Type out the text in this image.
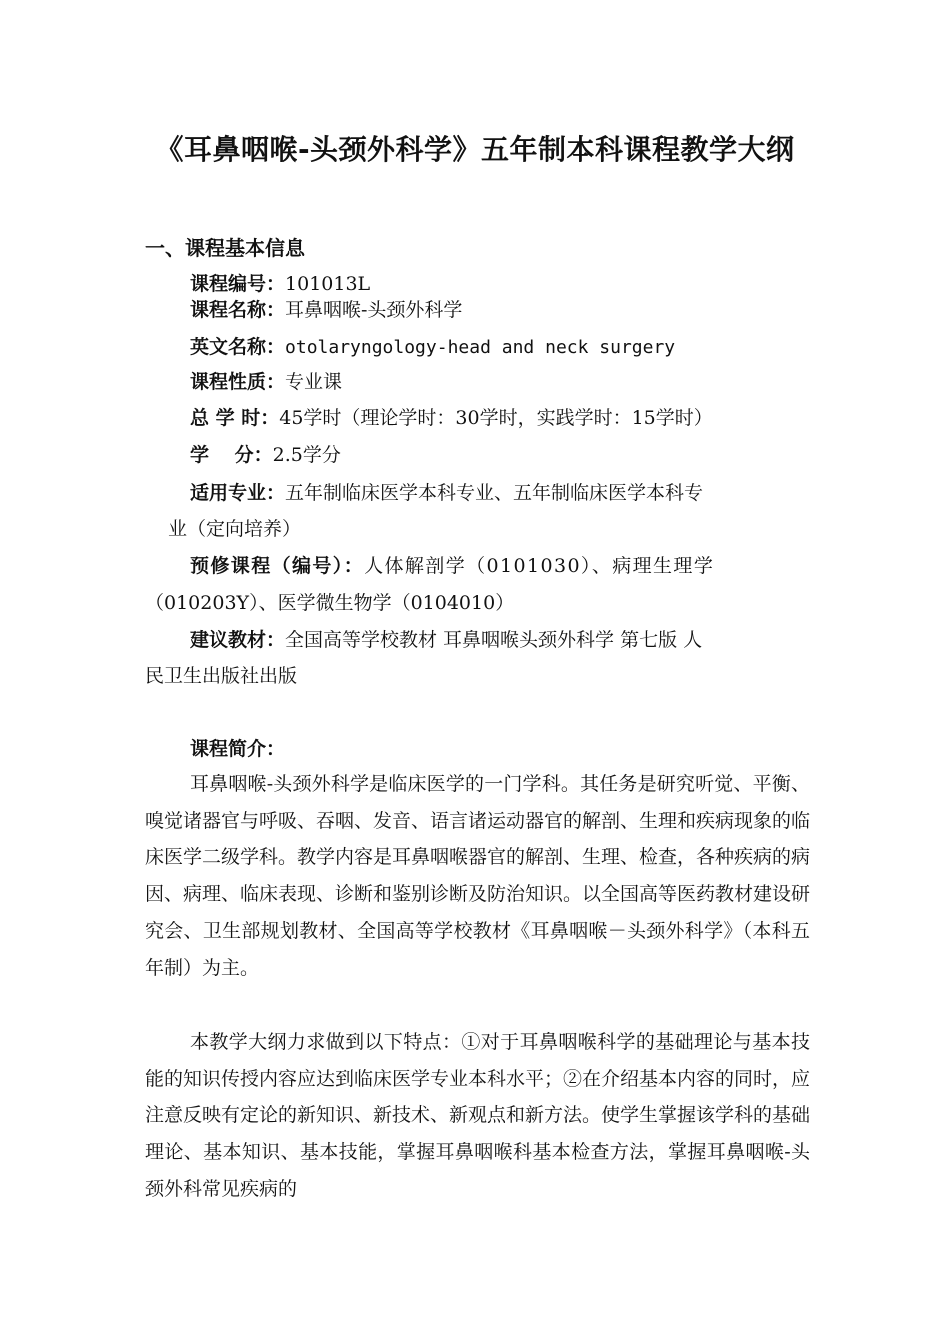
《耳鼻咽喉-头颈外科学》五年制本科课程教学大纲
一、课程基本信息
课程编号：101013L
课程名称：耳鼻咽喉-头颈外科学
英文名称：otolaryngology-head and neck surgery
课程性质：专业课
总 学 时：45学时（理论学时：30学时，实践学时：15学时）
学　 分：2.5学分
适用专业：五年制临床医学本科专业、五年制临床医学本科专
业（定向培养）
预修课程（编号）：人体解剖学（0101030）、病理生理学
（010203Y）、医学微生物学（0104010）
建议教材：全国高等学校教材 耳鼻咽喉头颈外科学 第七版 人
民卫生出版社出版
课程简介：
耳鼻咽喉-头颈外科学是临床医学的一门学科。其任务是研究听觉、平衡、嗅觉诸器官与呼吸、吞咽、发音、语言诸运动器官的解剖、生理和疾病现象的临床医学二级学科。教学内容是耳鼻咽喉器官的解剖、生理、检查，各种疾病的病因、病理、临床表现、诊断和鉴别诊断及防治知识。以全国高等医药教材建设研究会、卫生部规划教材、全国高等学校教材《耳鼻咽喉－头颈外科学》（本科五年制）为主。
本教学大纲力求做到以下特点：①对于耳鼻咽喉科学的基础理论与基本技能的知识传授内容应达到临床医学专业本科水平；②在介绍基本内容的同时，应注意反映有定论的新知识、新技术、新观点和新方法。使学生掌握该学科的基础理论、基本知识、基本技能，掌握耳鼻咽喉科基本检查方法，掌握耳鼻咽喉-头颈外科常见疾病的
